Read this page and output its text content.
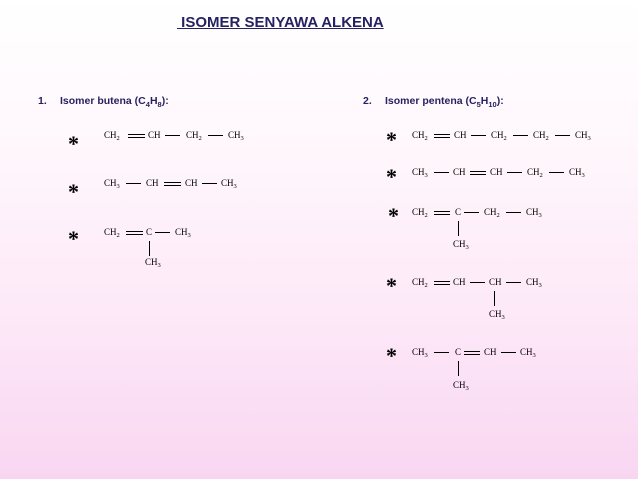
ISOMER SENYAWA ALKENA
1. Isomer butena $(C_4H_8)$:	2. Isomer pentena $(C_5H_{10})$:
*	$CH_2$	CH	$CH_2$	$CH_3$
*	$CH_3$	CH	CH	$CH_3$
*	$CH_2$	C	$CH_3$
$CH_3$
* $CH_2$	CH	$CH_2$	$CH_2$	$CH_3$
* $CH_3$	CH	CH	$CH_2$	$CH_3$
* $CH_2$	C	$CH_2$	$CH_3$
$CH_3$
* $CH_2$	CH	CH	$CH_3$
$CH_3$
* $CH_3$	C	CH	$CH_3$
$CH_3$
